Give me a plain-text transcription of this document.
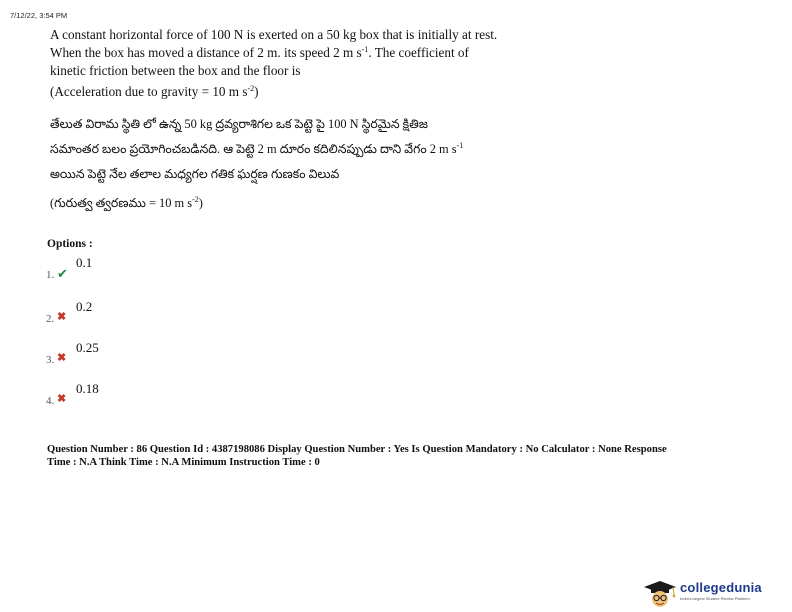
7/12/22, 3:54 PM
A constant horizontal force of 100 N is exerted on a 50 kg box that is initially at rest.
When the box has moved a distance of 2 m. its speed 2 m $s^{-1}$. The coefficient of
kinetic friction between the box and the floor is
(Acceleration due to gravity = 10 m $s^{-2}$)
తేలుత విరామ స్థితి లో ఉన్న 50 kg ద్రవ్యరాశిగల ఒక పెట్టె పై 100 N స్థిరమైన క్షితిజ
సమాంతర బలం ప్రయోగించబడినది. ఆ పెట్టె 2 m దూరం కదిలినప్పుడు దాని వేగం 2 m $s^{-1}$
అయిన పెట్టె నేల తలాల మధ్యగల గతిక ఘర్షణ గుణకం విలువ
(గురుత్వ త్వరణము = 10 m $s^{-2}$)
Options :
1. ✔
0.1
2. ✖
0.2
3. ✖
0.25
4. ✖
0.18
Question Number : 86 Question Id : 4387198086 Display Question Number : Yes Is Question Mandatory : No Calculator : None Response
Time : N.A Think Time : N.A Minimum Instruction Time : 0
collegedunia
India's largest Student Review Platform
